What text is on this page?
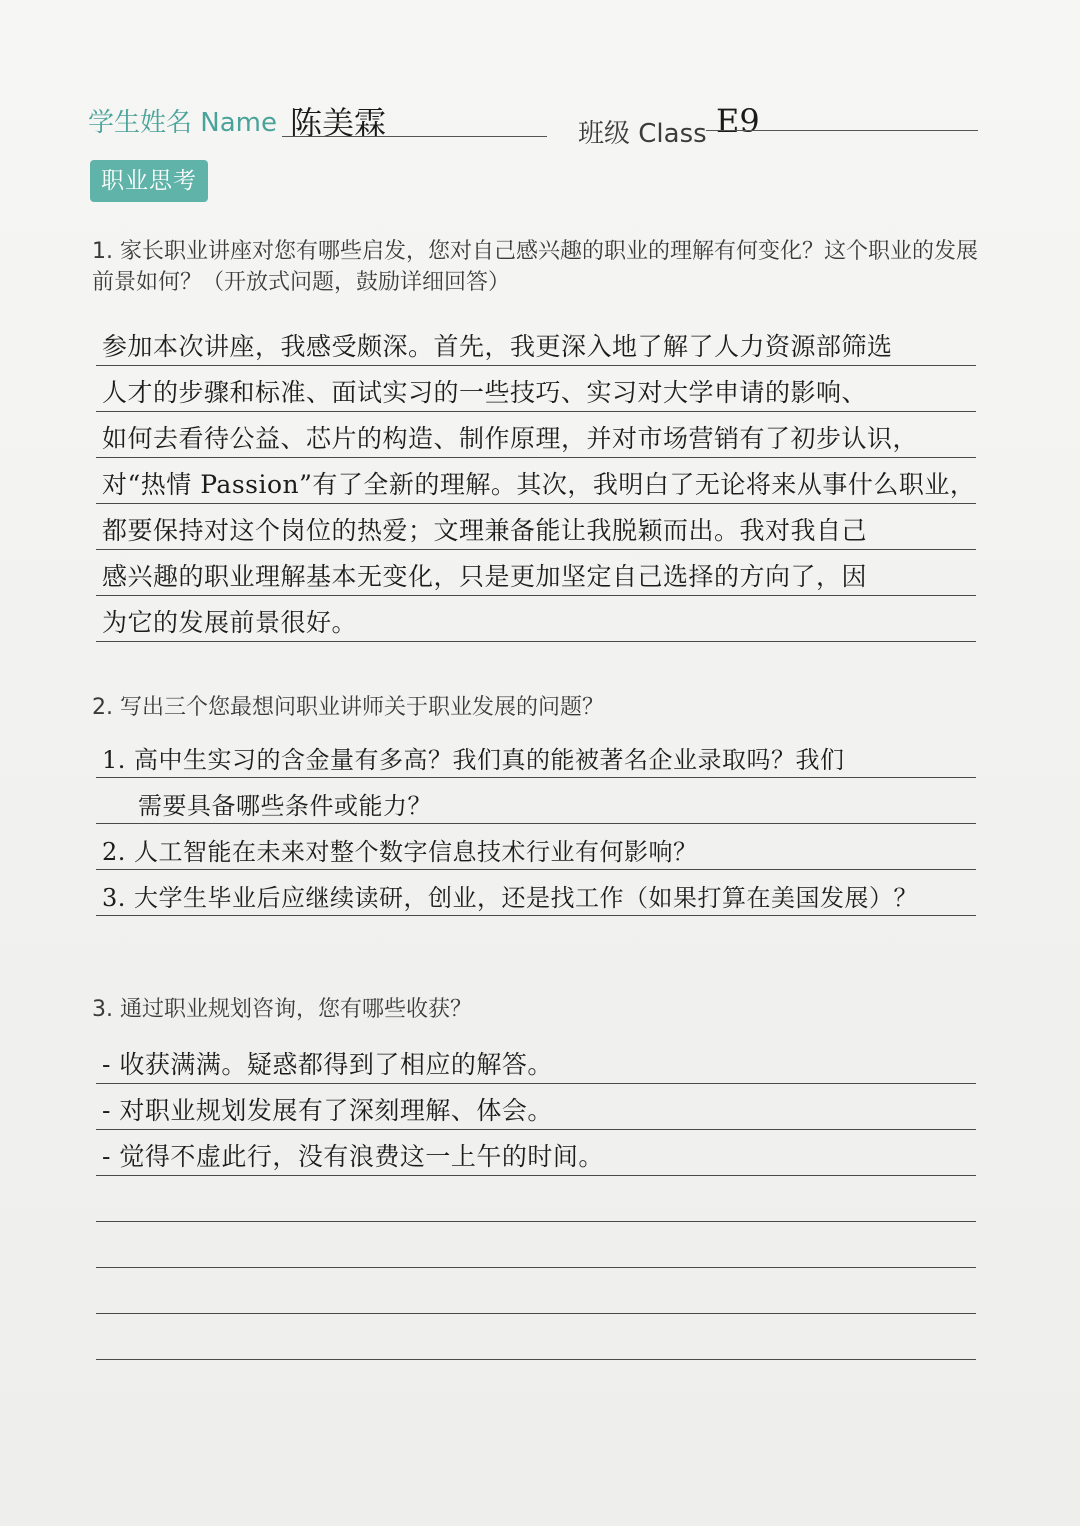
学生姓名 Name 陈美霖	班级 Class E9
职业思考
1. 家长职业讲座对您有哪些启发，您对自己感兴趣的职业的理解有何变化？这个职业的发展前景如何？（开放式问题，鼓励详细回答）
参加本次讲座，我感受颇深。首先，我更深入地了解了人力资源部筛选
人才的步骤和标准、面试实习的一些技巧、实习对大学申请的影响、
如何去看待公益、芯片的构造、制作原理，并对市场营销有了初步认识，
对“热情 Passion”有了全新的理解。其次，我明白了无论将来从事什么职业，
都要保持对这个岗位的热爱；文理兼备能让我脱颖而出。我对我自己
感兴趣的职业理解基本无变化，只是更加坚定自己选择的方向了，因
为它的发展前景很好。
2. 写出三个您最想问职业讲师关于职业发展的问题？
1. 高中生实习的含金量有多高？我们真的能被著名企业录取吗？我们
需要具备哪些条件或能力？
2. 人工智能在未来对整个数字信息技术行业有何影响？
3. 大学生毕业后应继续读研，创业，还是找工作（如果打算在美国发展）？
3. 通过职业规划咨询，您有哪些收获？
- 收获满满。疑惑都得到了相应的解答。
- 对职业规划发展有了深刻理解、体会。
- 觉得不虚此行，没有浪费这一上午的时间。
